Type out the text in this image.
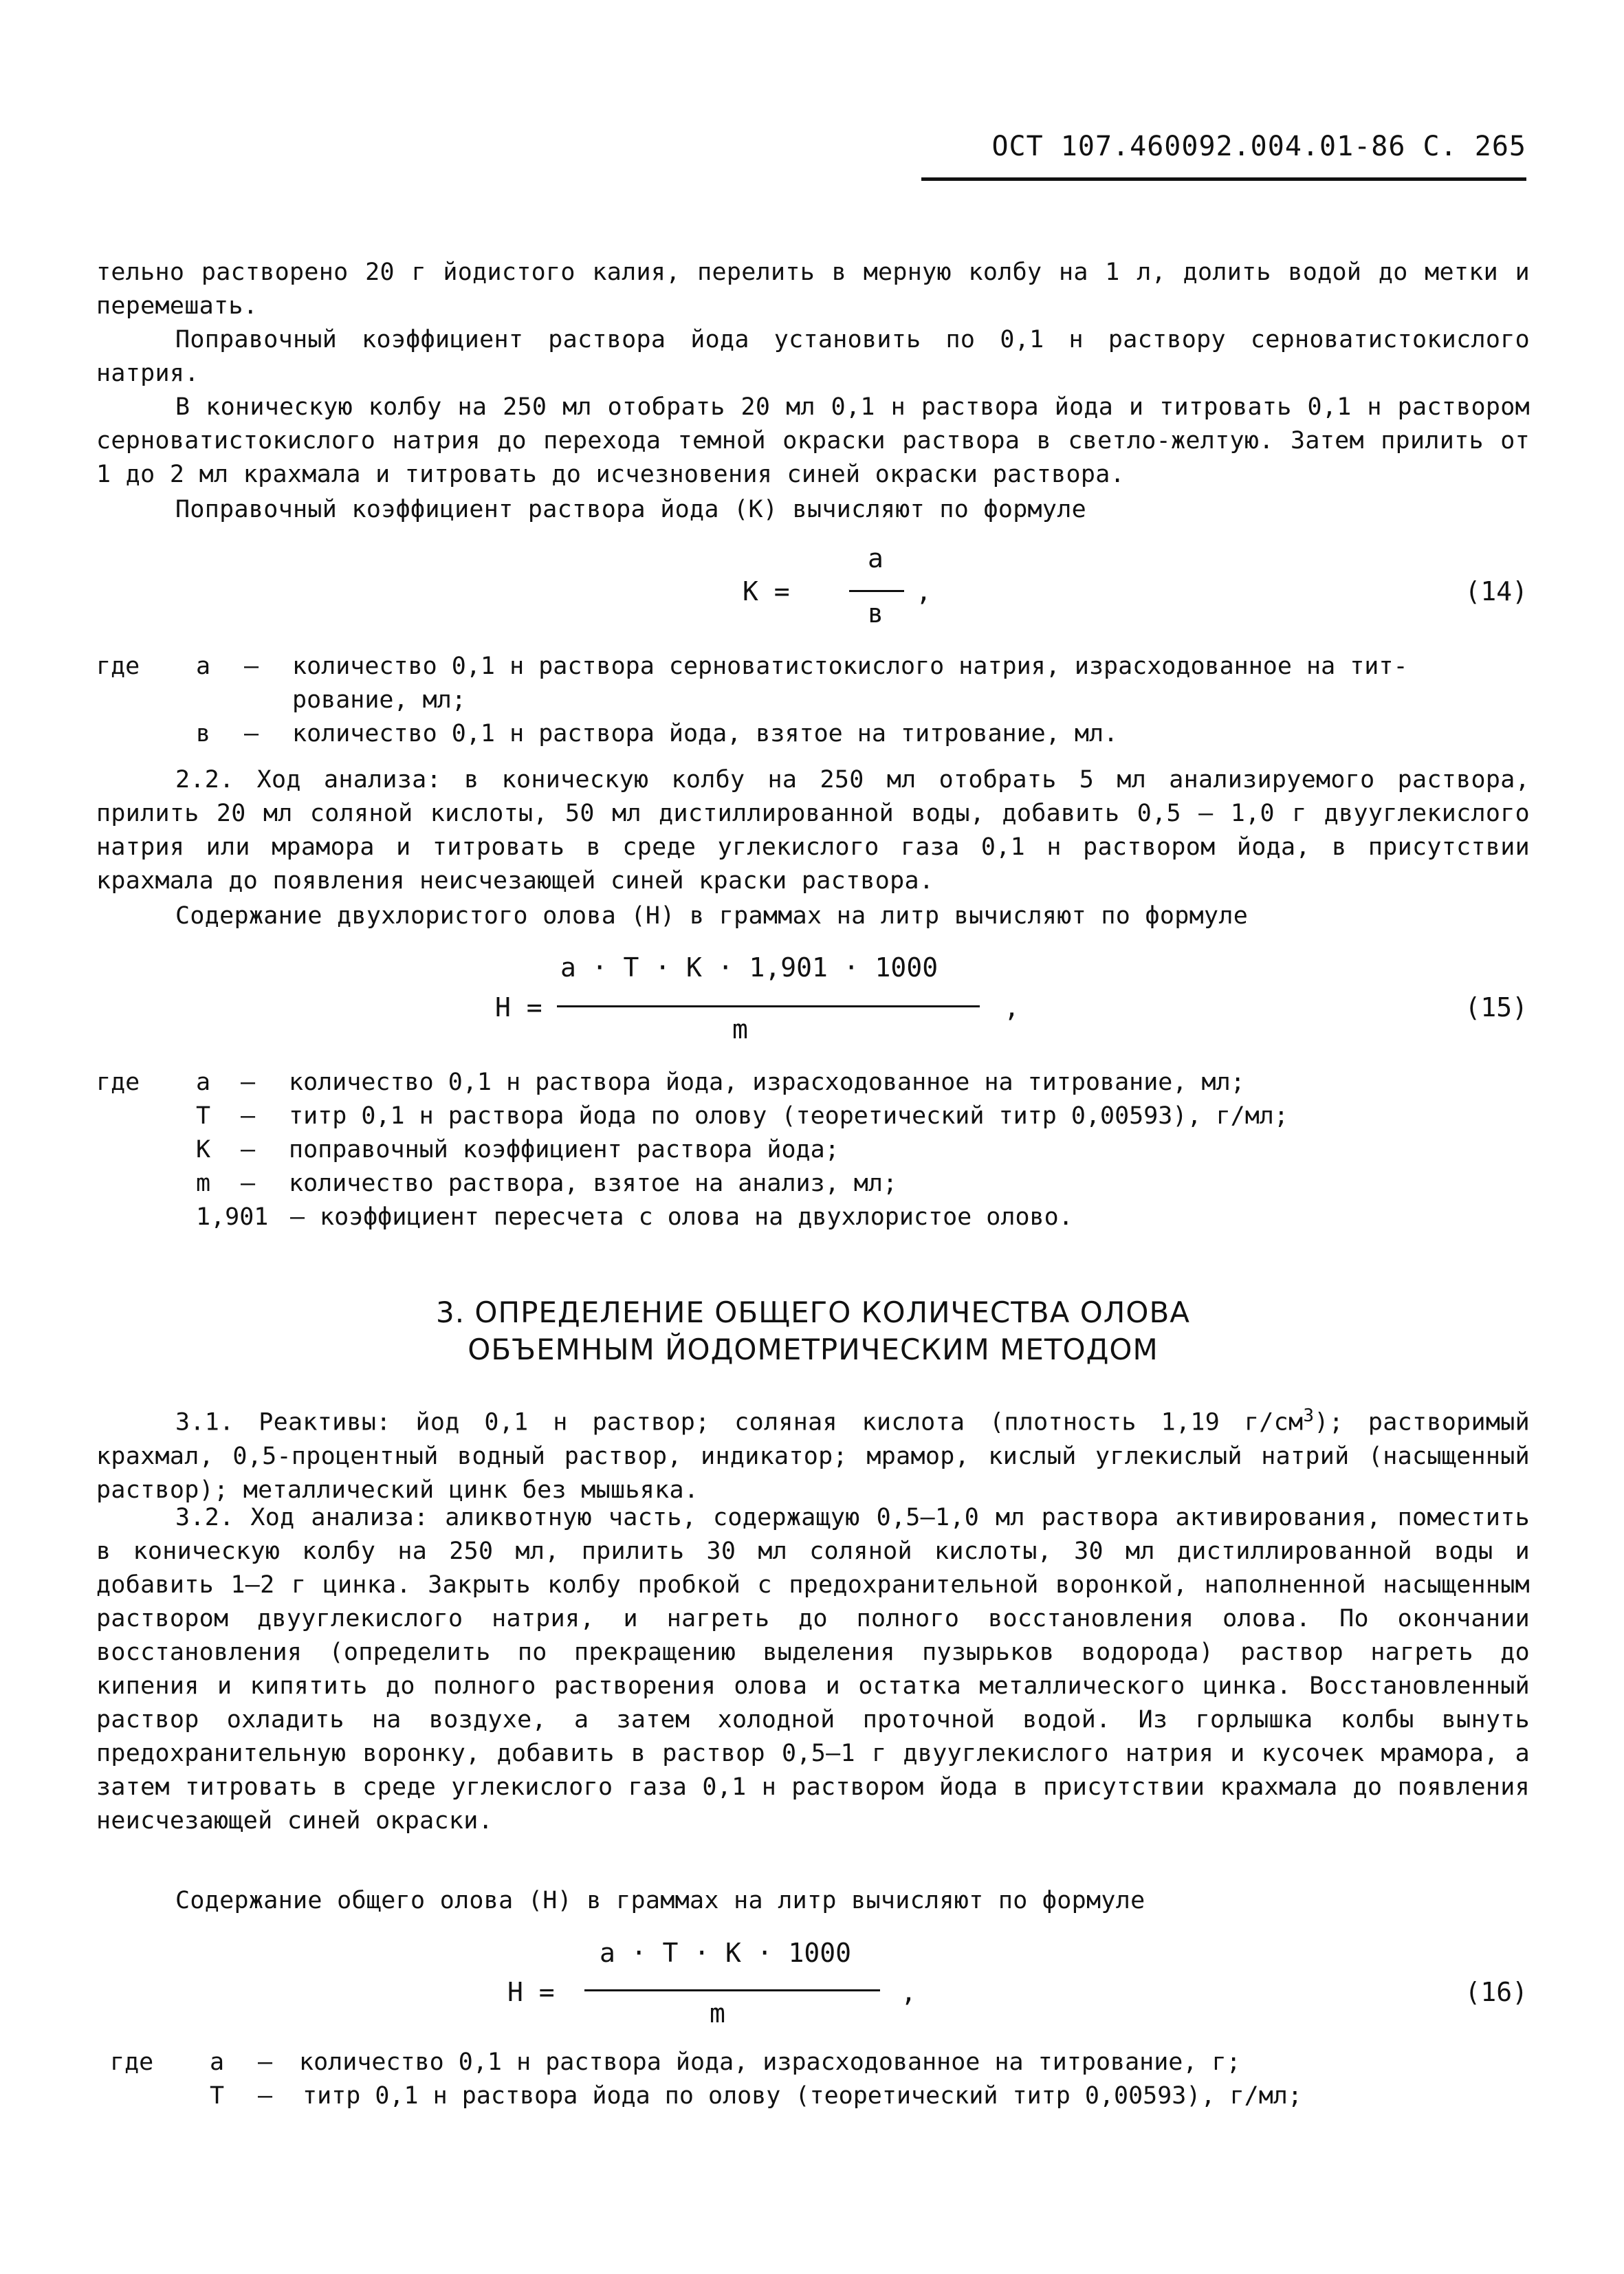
ОСТ 107.460092.004.01-86 С. 265

тельно растворено 20 г йодистого калия, перелить в мерную колбу на 1 л, долить водой до метки и перемешать.

Поправочный коэффициент раствора йода установить по 0,1 н раствору серноватистокислого натрия.

В коническую колбу на 250 мл отобрать 20 мл 0,1 н раствора йода и титровать 0,1 н раствором серноватистокислого натрия до перехода темной окраски раствора в светло-желтую. Затем прилить от 1 до 2 мл крахмала и титровать до исчезновения синей окраски раствора.

Поправочный коэффициент раствора йода (К) вычисляют по формуле

К =
а
в
,	(14)
где а – количество 0,1 н раствора серноватистокислого натрия, израсходованное на тит-
рование, мл;
в – количество 0,1 н раствора йода, взятое на титрование, мл.

2.2. Ход анализа: в коническую колбу на 250 мл отобрать 5 мл анализируемого раствора, прилить 20 мл соляной кислоты, 50 мл дистиллированной воды, добавить 0,5 – 1,0 г двууглекислого натрия или мрамора и титровать в среде углекислого газа 0,1 н раствором йода, в присутствии крахмала до появления неисчезающей синей краски раствора.

Содержание двухлористого олова (Н) в граммах на литр вычисляют по формуле

Н =
а · Т · К · 1,901 · 1000
m
,	(15)
где а – количество 0,1 н раствора йода, израсходованное на титрование, мл;
Т – титр 0,1 н раствора йода по олову (теоретический титр 0,00593), г/мл;
К – поправочный коэффициент раствора йода;
m – количество раствора, взятое на анализ, мл;
1,901 – коэффициент пересчета с олова на двухлористое олово.
3. ОПРЕДЕЛЕНИЕ ОБЩЕГО КОЛИЧЕСТВА ОЛОВА
ОБЪЕМНЫМ ЙОДОМЕТРИЧЕСКИМ МЕТОДОМ

3.1. Реактивы: йод 0,1 н раствор; соляная кислота (плотность 1,19 $г/см^3$); растворимый крахмал, 0,5-процентный водный раствор, индикатор; мрамор, кислый углекислый натрий (насыщенный раствор); металлический цинк без мышьяка.

3.2. Ход анализа: аликвотную часть, содержащую 0,5–1,0 мл раствора активирования, поместить в коническую колбу на 250 мл, прилить 30 мл соляной кислоты, 30 мл дистиллированной воды и добавить 1–2 г цинка. Закрыть колбу пробкой с предохранительной воронкой, наполненной насыщенным раствором двууглекислого натрия, и нагреть до полного восстановления олова. По окончании восстановления (определить по прекращению выделения пузырьков водорода) раствор нагреть до кипения и кипятить до полного растворения олова и остатка металлического цинка. Восстановленный раствор охладить на воздухе, а затем холодной проточной водой. Из горлышка колбы вынуть предохранительную воронку, добавить в раствор 0,5–1 г двууглекислого натрия и кусочек мрамора, а затем титровать в среде углекислого газа 0,1 н раствором йода в присутствии крахмала до появления неисчезающей синей окраски.

Содержание общего олова (Н) в граммах на литр вычисляют по формуле

Н =
а · Т · К · 1000
m
,	(16)
где а – количество 0,1 н раствора йода, израсходованное на титрование, г;
Т – титр 0,1 н раствора йода по олову (теоретический титр 0,00593), г/мл;
